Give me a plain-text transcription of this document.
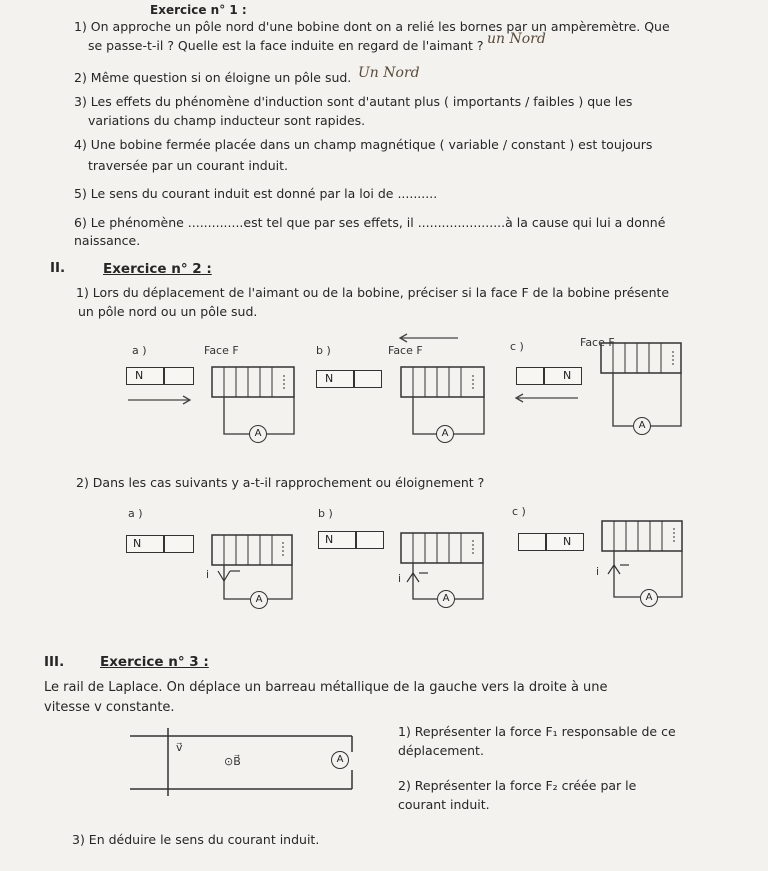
Exercice n° 1 :
1) On approche un pôle nord d'une bobine dont on a relié les bornes par un ampèremètre. Que
se passe-t-il ? Quelle est la face induite en regard de l'aimant ? un Nord
2) Même question si on éloigne un pôle sud. Un Nord
3) Les effets du phénomène d'induction sont d'autant plus ( importants / faibles ) que les
variations du champ inducteur sont rapides.
4) Une bobine fermée placée dans un champ magnétique ( variable / constant ) est toujours
traversée par un courant induit.
5) Le sens du courant induit est donné par la loi de ..........
6) Le phénomène ..............est tel que par ses effets, il ......................à la cause qui lui a donné
naissance.
II.	Exercice n° 2 :
1) Lors du déplacement de l'aimant ou de la bobine, préciser si la face F de la bobine présente
un pôle nord ou un pôle sud.
a )	Face F
N
A
b )	Face F
N
A
c )	Face F
N
A
2) Dans les cas suivants y a-t-il rapprochement ou éloignement ?
a )
N
i
A
b )
N
i
A
c )
N
i
A
III.	Exercice n° 3 :
Le rail de Laplace. On déplace un barreau métallique de la gauche vers la droite à une
vitesse v constante.
v⃗
⊙B⃗	A
1) Représenter la force F₁ responsable de ce
déplacement.
2) Représenter la force F₂ créée par le
courant induit.
3) En déduire le sens du courant induit.
